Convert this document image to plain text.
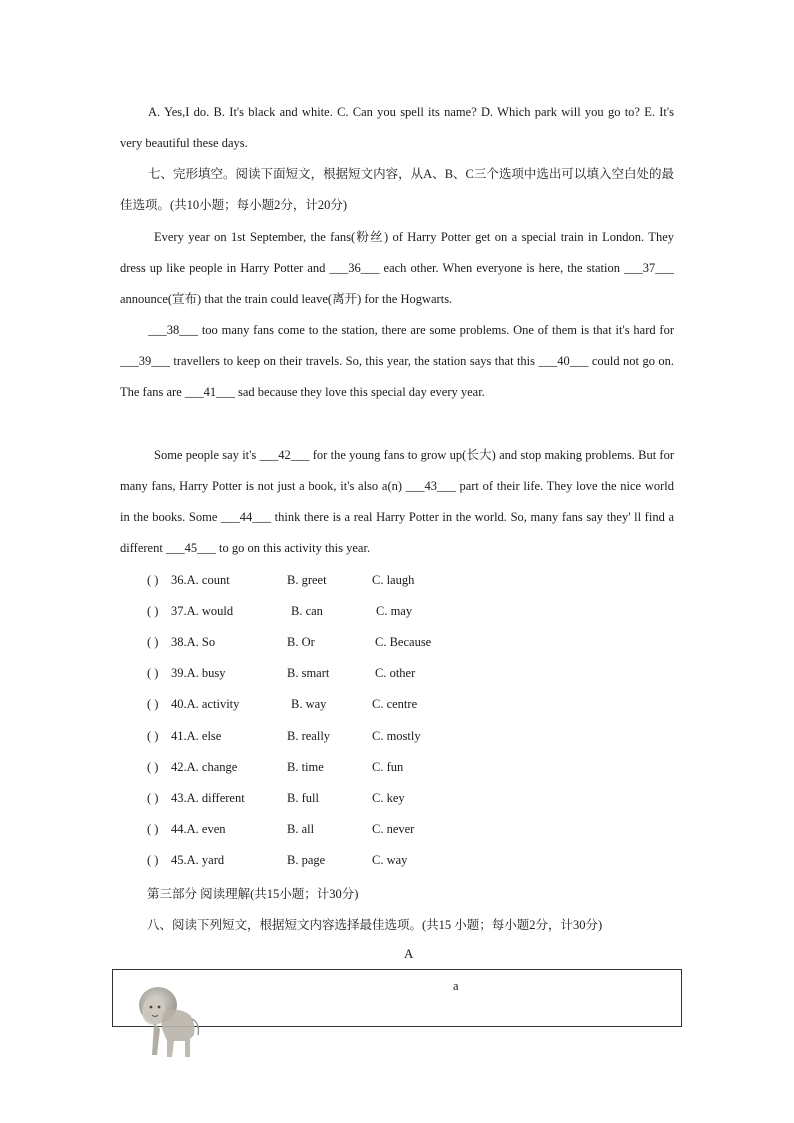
A. Yes,I do. B. It's black and white. C. Can you spell its name? D. Which park will you go to? E. It's very beautiful these days.

七、完形填空。阅读下面短文，根据短文内容，从A、B、C三个选项中选出可以填入空白处的最佳选项。(共10小题；每小题2分，计20分)

Every year on 1st September, the fans(粉丝) of Harry Potter get on a special train in London. They dress up like people in Harry Potter and ___36___ each other. When everyone is here, the station ___37___ announce(宣布) that the train could leave(离开) for the Hogwarts.

___38___ too many fans come to the station, there are some problems. One of them is that it's hard for ___39___ travellers to keep on their travels. So, this year, the station says that this ___40___ could not go on. The fans are ___41___ sad because they love this special day every year.

Some people say it's ___42___ for the young fans to grow up(长大) and stop making problems. But for many fans, Harry Potter is not just a book, it's also a(n) ___43___ part of their life. They love the nice world in the books. Some ___44___ think there is a real Harry Potter in the world. So, many fans say they' ll find a different ___45___ to go on this activity this year.

( ) 36.A. count	B. greet	C. laugh
( ) 37.A. would	B. can	C. may
( ) 38.A. So	B. Or	C. Because
( ) 39.A. busy	B. smart	C. other
( ) 40.A. activity	B. way	C. centre
( ) 41.A. else	B. really	C. mostly
( ) 42.A. change	B. time	C. fun
( ) 43.A. different	B. full	C. key
( ) 44.A. even	B. all	C. never
( ) 45.A. yard	B. page	C. way
第三部分 阅读理解(共15小题；计30分)
八、阅读下列短文，根据短文内容选择最佳选项。(共15 小题；每小题2分，计30分)
A
a
